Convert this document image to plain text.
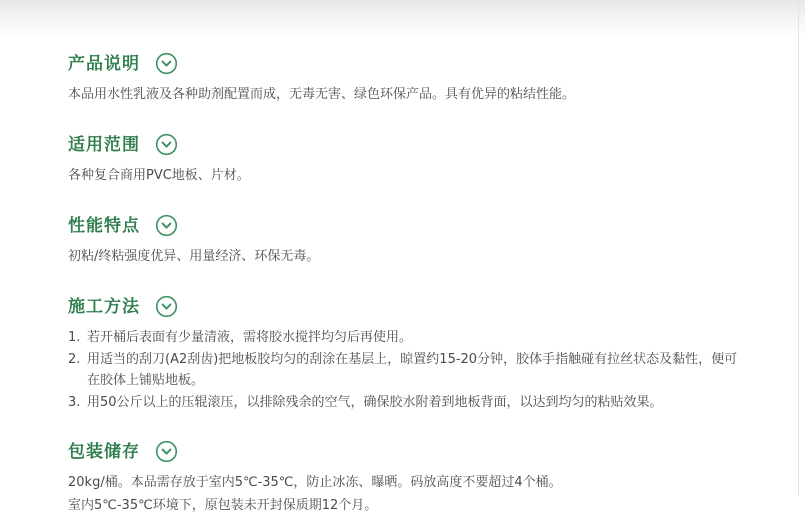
产品说明

本品用水性乳液及各种助剂配置而成，无毒无害、绿色环保产品。具有优异的粘结性能。

适用范围

各种复合商用PVC地板、片材。

性能特点

初粘/终粘强度优异、用量经济、环保无毒。

施工方法
1. 若开桶后表面有少量清液，需将胶水搅拌均匀后再使用。
2. 用适当的刮刀(A2刮齿)把地板胶均匀的刮涂在基层上，晾置约15-20分钟，胶体手指触碰有拉丝状态及黏性，便可在胶体上铺贴地板。
3. 用50公斤以上的压辊滚压，以排除残余的空气，确保胶水附着到地板背面，以达到均匀的粘贴效果。
包装储存

20kg/桶。本品需存放于室内5℃-35℃，防止冰冻、曝晒。码放高度不要超过4个桶。

室内5℃-35℃环境下，原包装未开封保质期12个月。
